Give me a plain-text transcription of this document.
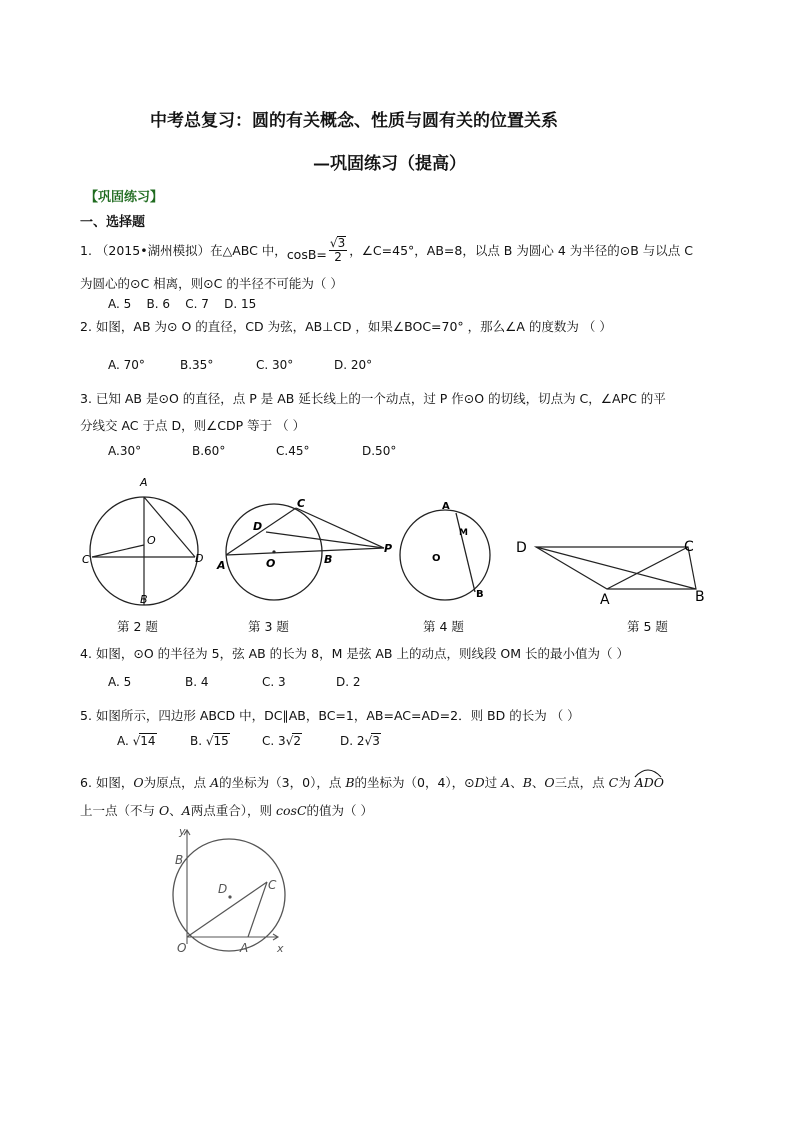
中考总复习：圆的有关概念、性质与圆有关的位置关系
—巩固练习（提高）
【巩固练习】
一、选择题
1. （2015•湖州模拟）在△ABC 中， $\cos B= \frac{√3}{2}$ ，∠C=45°，AB=8，以点 B 为圆心 4 为半径的⊙B 与以点 C
为圆心的⊙C 相离，则⊙C 的半径不可能为（ ）
A. 5    B. 6    C. 7    D. 15
2. 如图，AB 为⊙ O 的直径，CD 为弦，AB⊥CD ，如果∠BOC=70° ，那么∠A 的度数为 （ ）
A. 70°	B.35°	C. 30°	D. 20°
3. 已知 AB 是⊙O 的直径，点 P 是 AB 延长线上的一个动点，过 P 作⊙O 的切线，切点为 C，∠APC 的平
分线交 AC 于点 D，则∠CDP 等于 （ ）
A.30°	B.60°	C.45°	D.50°
A
B
C	D
O
第 2 题
A	B
C
D
O
P
第 3 题
A
B
M
O
第 4 题
D	C
A	B
第 5 题
4. 如图，⊙O 的半径为 5，弦 AB 的长为 8，M 是弦 AB 上的动点，则线段 OM 长的最小值为（ ）
A. 5	B. 4	C. 3	D. 2
5. 如图所示，四边形 ABCD 中，DC∥AB，BC=1，AB=AC=AD=2．则 BD 的长为 （ ）
A. √14	B. √15	C. 3√2	D. 2√3
6. 如图，O为原点，点 A的坐标为（3，0），点 B的坐标为（0，4），⊙D过 A、B、O三点，点 C为
ADO
上一点（不与 O、A两点重合），则 cosC的值为（ ）
y
x
B
D	C
O	A
